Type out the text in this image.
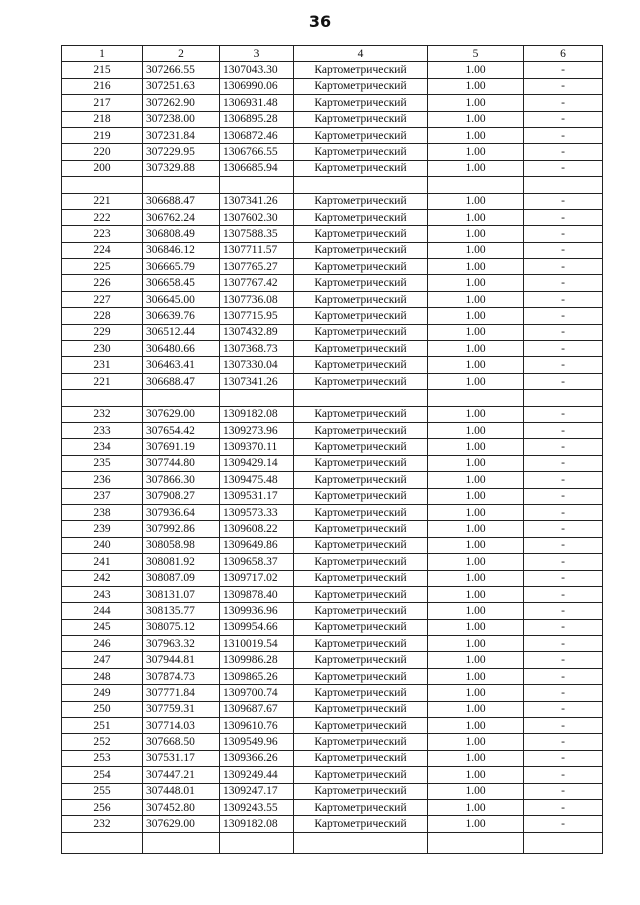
36
1	2	3	4	5	6
215	307266.55	1307043.30	Картометрический	1.00	-
216	307251.63	1306990.06	Картометрический	1.00	-
217	307262.90	1306931.48	Картометрический	1.00	-
218	307238.00	1306895.28	Картометрический	1.00	-
219	307231.84	1306872.46	Картометрический	1.00	-
220	307229.95	1306766.55	Картометрический	1.00	-
200	307329.88	1306685.94	Картометрический	1.00	-

221	306688.47	1307341.26	Картометрический	1.00	-
222	306762.24	1307602.30	Картометрический	1.00	-
223	306808.49	1307588.35	Картометрический	1.00	-
224	306846.12	1307711.57	Картометрический	1.00	-
225	306665.79	1307765.27	Картометрический	1.00	-
226	306658.45	1307767.42	Картометрический	1.00	-
227	306645.00	1307736.08	Картометрический	1.00	-
228	306639.76	1307715.95	Картометрический	1.00	-
229	306512.44	1307432.89	Картометрический	1.00	-
230	306480.66	1307368.73	Картометрический	1.00	-
231	306463.41	1307330.04	Картометрический	1.00	-
221	306688.47	1307341.26	Картометрический	1.00	-

232	307629.00	1309182.08	Картометрический	1.00	-
233	307654.42	1309273.96	Картометрический	1.00	-
234	307691.19	1309370.11	Картометрический	1.00	-
235	307744.80	1309429.14	Картометрический	1.00	-
236	307866.30	1309475.48	Картометрический	1.00	-
237	307908.27	1309531.17	Картометрический	1.00	-
238	307936.64	1309573.33	Картометрический	1.00	-
239	307992.86	1309608.22	Картометрический	1.00	-
240	308058.98	1309649.86	Картометрический	1.00	-
241	308081.92	1309658.37	Картометрический	1.00	-
242	308087.09	1309717.02	Картометрический	1.00	-
243	308131.07	1309878.40	Картометрический	1.00	-
244	308135.77	1309936.96	Картометрический	1.00	-
245	308075.12	1309954.66	Картометрический	1.00	-
246	307963.32	1310019.54	Картометрический	1.00	-
247	307944.81	1309986.28	Картометрический	1.00	-
248	307874.73	1309865.26	Картометрический	1.00	-
249	307771.84	1309700.74	Картометрический	1.00	-
250	307759.31	1309687.67	Картометрический	1.00	-
251	307714.03	1309610.76	Картометрический	1.00	-
252	307668.50	1309549.96	Картометрический	1.00	-
253	307531.17	1309366.26	Картометрический	1.00	-
254	307447.21	1309249.44	Картометрический	1.00	-
255	307448.01	1309247.17	Картометрический	1.00	-
256	307452.80	1309243.55	Картометрический	1.00	-
232	307629.00	1309182.08	Картометрический	1.00	-
